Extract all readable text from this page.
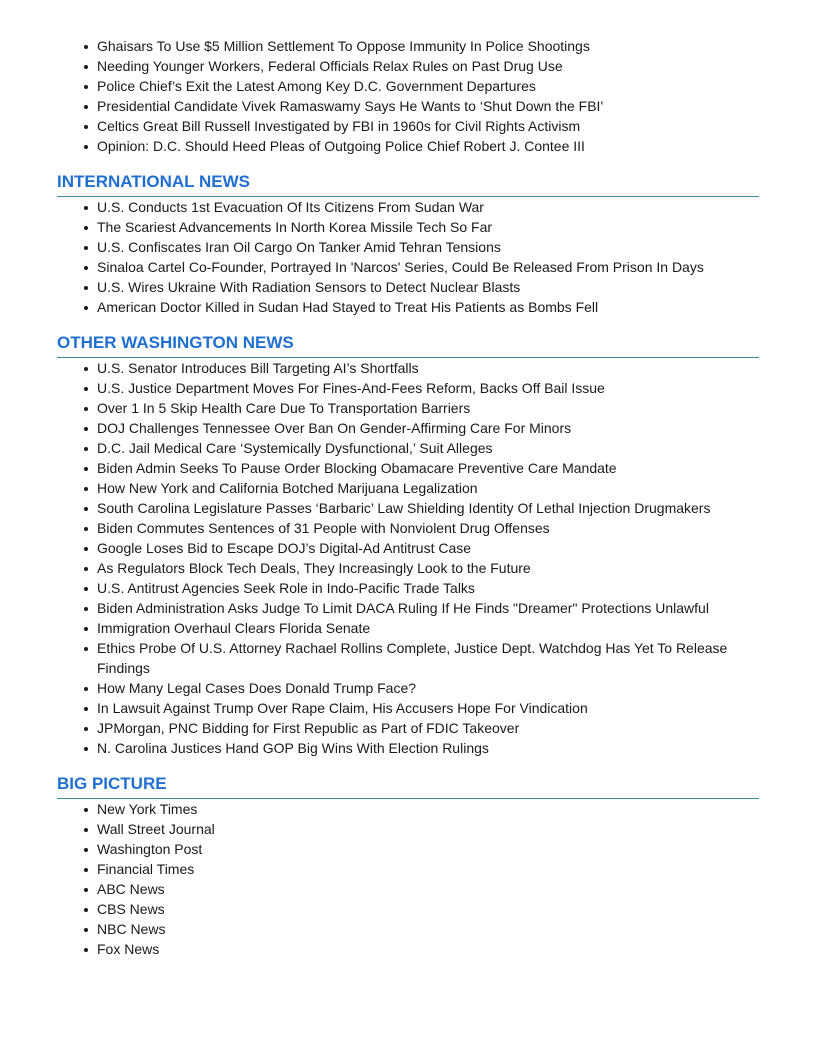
Ghaisars To Use $5 Million Settlement To Oppose Immunity In Police Shootings
Needing Younger Workers, Federal Officials Relax Rules on Past Drug Use
Police Chief’s Exit the Latest Among Key D.C. Government Departures
Presidential Candidate Vivek Ramaswamy Says He Wants to ‘Shut Down the FBI'
Celtics Great Bill Russell Investigated by FBI in 1960s for Civil Rights Activism
Opinion: D.C. Should Heed Pleas of Outgoing Police Chief Robert J. Contee III
INTERNATIONAL NEWS
U.S. Conducts 1st Evacuation Of Its Citizens From Sudan War
The Scariest Advancements In North Korea Missile Tech So Far
U.S. Confiscates Iran Oil Cargo On Tanker Amid Tehran Tensions
Sinaloa Cartel Co-Founder, Portrayed In 'Narcos' Series, Could Be Released From Prison In Days
U.S. Wires Ukraine With Radiation Sensors to Detect Nuclear Blasts
American Doctor Killed in Sudan Had Stayed to Treat His Patients as Bombs Fell
OTHER WASHINGTON NEWS
U.S. Senator Introduces Bill Targeting AI’s Shortfalls
U.S. Justice Department Moves For Fines-And-Fees Reform, Backs Off Bail Issue
Over 1 In 5 Skip Health Care Due To Transportation Barriers
DOJ Challenges Tennessee Over Ban On Gender-Affirming Care For Minors
D.C. Jail Medical Care ‘Systemically Dysfunctional,’ Suit Alleges
Biden Admin Seeks To Pause Order Blocking Obamacare Preventive Care Mandate
How New York and California Botched Marijuana Legalization
South Carolina Legislature Passes ‘Barbaric’ Law Shielding Identity Of Lethal Injection Drugmakers
Biden Commutes Sentences of 31 People with Nonviolent Drug Offenses
Google Loses Bid to Escape DOJ’s Digital-Ad Antitrust Case
As Regulators Block Tech Deals, They Increasingly Look to the Future
U.S. Antitrust Agencies Seek Role in Indo-Pacific Trade Talks
Biden Administration Asks Judge To Limit DACA Ruling If He Finds "Dreamer" Protections Unlawful
Immigration Overhaul Clears Florida Senate
Ethics Probe Of U.S. Attorney Rachael Rollins Complete, Justice Dept. Watchdog Has Yet To Release Findings
How Many Legal Cases Does Donald Trump Face?
In Lawsuit Against Trump Over Rape Claim, His Accusers Hope For Vindication
JPMorgan, PNC Bidding for First Republic as Part of FDIC Takeover
N. Carolina Justices Hand GOP Big Wins With Election Rulings
BIG PICTURE
New York Times
Wall Street Journal
Washington Post
Financial Times
ABC News
CBS News
NBC News
Fox News
